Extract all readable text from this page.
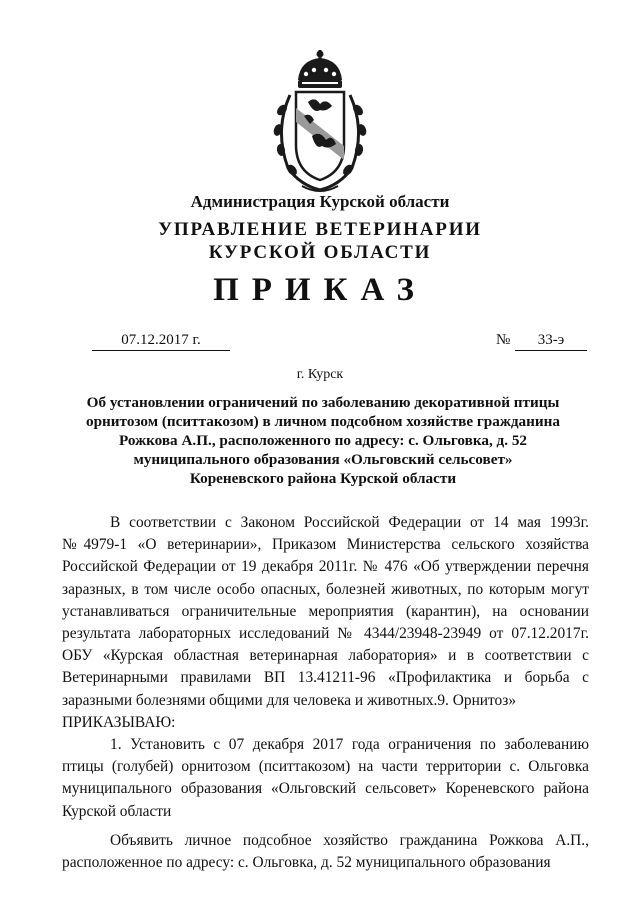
Администрация Курской области
УПРАВЛЕНИЕ ВЕТЕРИНАРИИ
КУРСКОЙ ОБЛАСТИ
ПРИКАЗ
07.12.2017 г.	№	33-э
г. Курск
Об установлении ограничений по заболеванию декоративной птицы орнитозом (пситтакозом) в личном подсобном хозяйстве гражданина Рожкова А.П., расположенного по адресу: с. Ольговка, д. 52 муниципального образования «Ольговский сельсовет» Кореневского района Курской области

В соответствии с Законом Российской Федерации от 14 мая 1993г. №4979-1 «О ветеринарии», Приказом Министерства сельского хозяйства Российской Федерации от 19 декабря 2011г. № 476 «Об утверждении перечня заразных, в том числе особо опасных, болезней животных, по которым могут устанавливаться ограничительные мероприятия (карантин), на основании результата лабораторных исследований № 4344/23948-23949 от 07.12.2017г. ОБУ «Курская областная ветеринарная лаборатория» и в соответствии с Ветеринарными правилами ВП 13.41211-96 «Профилактика и борьба с заразными болезнями общими для человека и животных.9. Орнитоз»

ПРИКАЗЫВАЮ:

1. Установить с 07 декабря 2017 года ограничения по заболеванию птицы (голубей) орнитозом (пситтакозом) на части территории с. Ольговка муниципального образования «Ольговский сельсовет» Кореневского района Курской области

Объявить личное подсобное хозяйство гражданина Рожкова А.П., расположенное по адресу: с. Ольговка, д. 52 муниципального образования
